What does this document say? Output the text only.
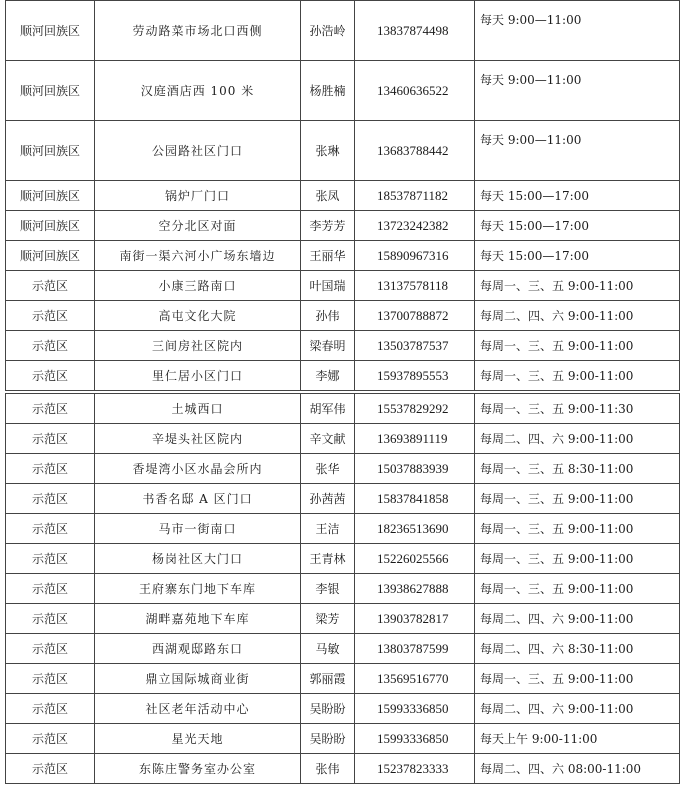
顺河回族区	劳动路菜市场北口西侧	孙浩岭	13837874498	每天 9:00—11:00
顺河回族区	汉庭酒店西 100 米	杨胜楠	13460636522	每天 9:00—11:00
顺河回族区	公园路社区门口	张琳	13683788442	每天 9:00—11:00
顺河回族区	锅炉厂门口	张凤	18537871182	每天 15:00—17:00
顺河回族区	空分北区对面	李芳芳	13723242382	每天 15:00—17:00
顺河回族区	南街一渠六河小广场东墙边	王丽华	15890967316	每天 15:00—17:00
示范区	小康三路南口	叶国瑞	13137578118	每周一、三、五 9:00-11:00
示范区	高屯文化大院	孙伟	13700788872	每周二、四、六 9:00-11:00
示范区	三间房社区院内	梁春明	13503787537	每周一、三、五 9:00-11:00
示范区	里仁居小区门口	李娜	15937895553	每周一、三、五 9:00-11:00
示范区	土城西口	胡军伟	15537829292	每周一、三、五 9:00-11:30
示范区	辛堤头社区院内	辛文献	13693891119	每周二、四、六 9:00-11:00
示范区	香堤湾小区水晶会所内	张华	15037883939	每周一、三、五 8:30-11:00
示范区	书香名邸 A 区门口	孙茜茜	15837841858	每周一、三、五 9:00-11:00
示范区	马市一街南口	王洁	18236513690	每周一、三、五 9:00-11:00
示范区	杨岗社区大门口	王青林	15226025566	每周一、三、五 9:00-11:00
示范区	王府寨东门地下车库	李银	13938627888	每周一、三、五 9:00-11:00
示范区	湖畔嘉苑地下车库	梁芳	13903782817	每周二、四、六 9:00-11:00
示范区	西湖观邸路东口	马敏	13803787599	每周二、四、六 8:30-11:00
示范区	鼎立国际城商业街	郭丽霞	13569516770	每周一、三、五 9:00-11:00
示范区	社区老年活动中心	吴盼盼	15993336850	每周二、四、六 9:00-11:00
示范区	星光天地	吴盼盼	15993336850	每天上午 9:00-11:00
示范区	东陈庄警务室办公室	张伟	15237823333	每周二、四、六 08:00-11:00
